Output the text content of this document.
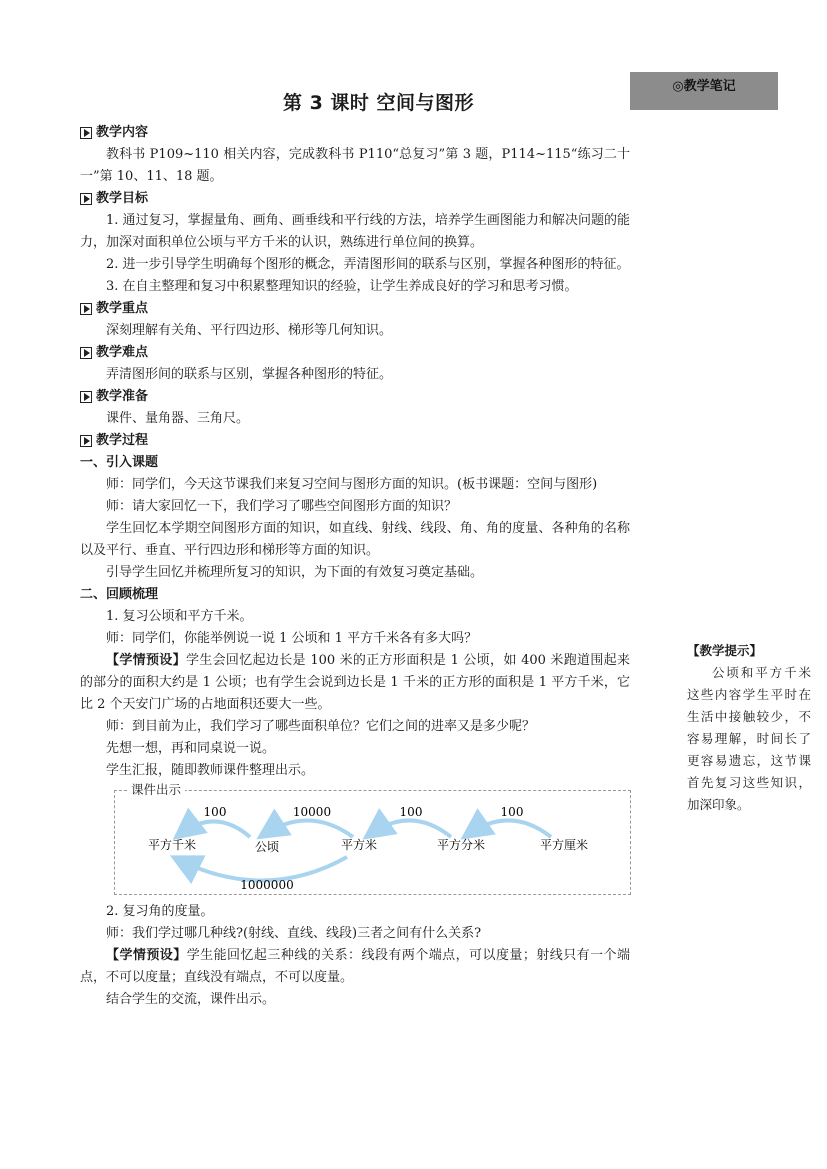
第 3 课时 空间与图形
◎教学笔记
教学内容

教科书 P109~110 相关内容，完成教科书 P110“总复习”第 3 题，P114~115“练习二十一”第 10、11、18 题。

教学目标

1. 通过复习，掌握量角、画角、画垂线和平行线的方法，培养学生画图能力和解决问题的能力，加深对面积单位公顷与平方千米的认识，熟练进行单位间的换算。

2. 进一步引导学生明确每个图形的概念，弄清图形间的联系与区别，掌握各种图形的特征。

3. 在自主整理和复习中积累整理知识的经验，让学生养成良好的学习和思考习惯。

教学重点

深刻理解有关角、平行四边形、梯形等几何知识。

教学难点

弄清图形间的联系与区别，掌握各种图形的特征。

教学准备

课件、量角器、三角尺。

教学过程

一、引入课题

师：同学们，今天这节课我们来复习空间与图形方面的知识。(板书课题：空间与图形)

师：请大家回忆一下，我们学习了哪些空间图形方面的知识？

学生回忆本学期空间图形方面的知识，如直线、射线、线段、角、角的度量、各种角的名称以及平行、垂直、平行四边形和梯形等方面的知识。

引导学生回忆并梳理所复习的知识，为下面的有效复习奠定基础。

二、回顾梳理

1. 复习公顷和平方千米。

师：同学们，你能举例说一说 1 公顷和 1 平方千米各有多大吗？

【学情预设】学生会回忆起边长是 100 米的正方形面积是 1 公顷，如 400 米跑道围起来的部分的面积大约是 1 公顷；也有学生会说到边长是 1 千米的正方形的面积是 1 平方千米，它比 2 个天安门广场的占地面积还要大一些。

师：到目前为止，我们学习了哪些面积单位？它们之间的进率又是多少呢？

先想一想，再和同桌说一说。

学生汇报，随即教师课件整理出示。

课件出示
100	10000	100	100
平方千米	公顷	平方米	平方分米	平方厘米
1000000

2. 复习角的度量。

师：我们学过哪几种线?(射线、直线、线段)三者之间有什么关系?

【学情预设】学生能回忆起三种线的关系：线段有两个端点，可以度量；射线只有一个端点，不可以度量；直线没有端点，不可以度量。

结合学生的交流，课件出示。

【教学提示】

公顷和平方千米这些内容学生平时在生活中接触较少，不容易理解，时间长了更容易遗忘，这节课首先复习这些知识，加深印象。
